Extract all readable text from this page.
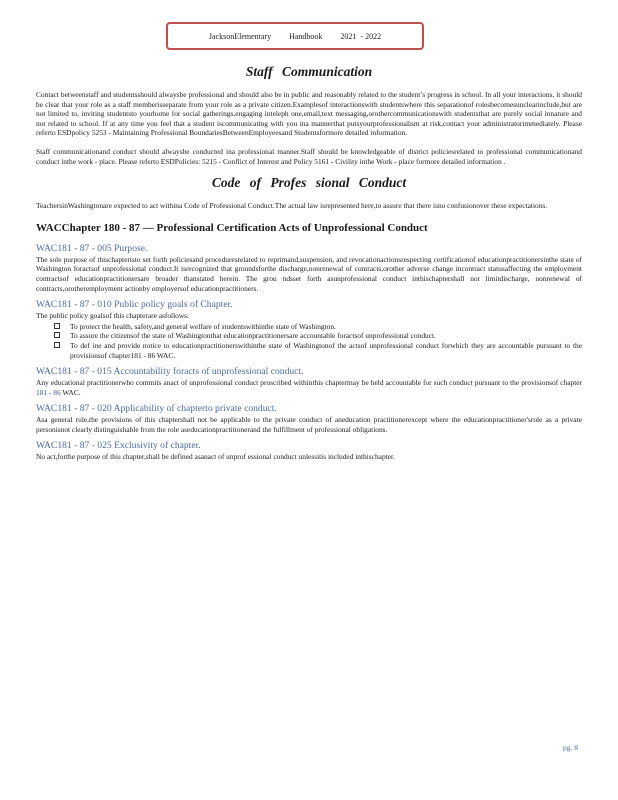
JacksonElementary Handbook 2021 - 2022
Staff Communication

Contact betweenstaff and studentsshould alwaysbe professional and should also be in public and reasonably related to the student’s progress in school. In all your interactions, it should be clear that your role as a staff memberisseparate from your role as a private citizen.Examplesof interactionswith studentswhere this separationof rolesbecomesunclearinclude,but are not limited to, inviting studentsto yourhome for social gatherings,engaging inteleph one,email,text messaging,orothercommunicationswith studentsthat are purely social innature and not related to school. If at any time you feel that a student iscommunicating with you ina mannerthat putsyourprofessionalism at risk,contact your administratorimmediately. Please referto ESDpolicy 5253 - Maintaining Professional BoundariesBetweenEmployeesand Studentsformore detailed information.

Staff communicationand conduct should alwaysbe conducted ina professional manner.Staff should be knowledgeable of district policiesrelated to professional communicationand conduct inthe work - place. Please referto ESDPolicies: 5215 - Conflict of Interest and Policy 5161 - Civility inthe Work - place formore detailed information .

Code of Profes sional Conduct

TeachersinWashingtonare expected to act withina Code of Professional Conduct.The actual law isrepresented here,to assure that there isno confusionover these expectations.

WACChapter 180 - 87 — Professional Certification Acts of Unprofessional Conduct
WAC181 - 87 - 005 Purpose.

The sole purpose of thischapteristo set forth policiesand proceduresrelated to reprimand,suspension, and revocationactionsrespecting certificationof educationpractitionersinthe state of Washington foractsof unprofessional conduct.It isrecognized that groundsforthe discharge,nonrenewal of contracts,orother adverse change incontract statusaffecting the employment contractsof educationpractitionersare broader thanstated herein. The grou ndsset forth asunprofessional conduct inthischaptershall not limitdischarge, nonrenewal of contracts,orotheremployment actionby employersof educationpractitioners.

WAC181 - 87 - 010 Public policy goals of Chapter.

The public policy goalsof this chapterare asfollows:

To protect the health, safety,and general welfare of studentswithinthe state of Washington.
To assure the citizensof the state of Washingtonthat educationpractitionersare accountable foractsof unprofessional conduct.
To def ine and provide notice to educationpractitionerswithinthe state of Washingtonof the actsof unprofessional conduct forwhich they are accountable pursuant to the provisionsof chapter181 - 86 WAC.
WAC181 - 87 - 015 Accountability foracts of unprofessional conduct.

Any educational practitionerwho commits anact of unprofessional conduct proscribed withinthis chaptermay be held accountable for such conduct pursuant to the provisionsof chapter 181 - 86 WAC.

WAC181 - 87 - 020 Applicability of chapterto private conduct.

Asa general rule,the provisions of this chaptershall not be applicable to the private conduct of aneducation practitionerexcept where the educationpractitioner'srole as a private personisnot clearly distinguishable from the role aseducationpractitionerand the fulfillment of professional obligations.

WAC181 - 87 - 025 Exclusivity of chapter.

No act,forthe purpose of this chapter,shall be defined asanact of unprof essional conduct unlessitis included inthischapter.

pg. 8
